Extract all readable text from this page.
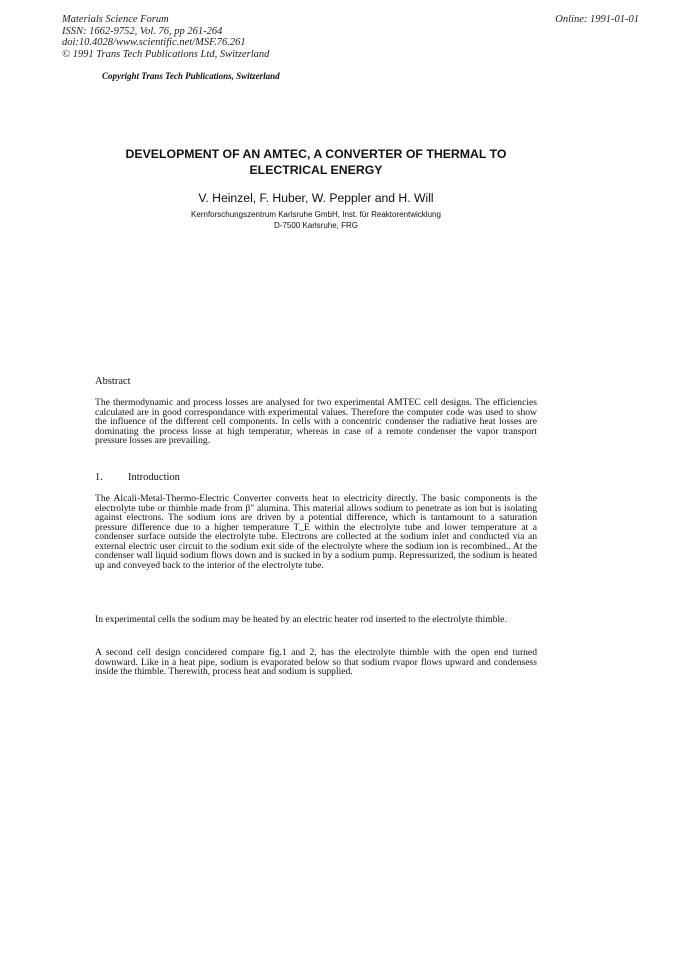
Materials Science Forum
ISSN: 1662-9752, Vol. 76, pp 261-264
doi:10.4028/www.scientific.net/MSF.76.261
© 1991 Trans Tech Publications Ltd, Switzerland
Online: 1991-01-01
Copyright Trans Tech Publications, Switzerland
DEVELOPMENT OF AN AMTEC, A CONVERTER OF THERMAL TO
ELECTRICAL ENERGY
V. Heinzel, F. Huber, W. Peppler and H. Will
Kernforschungszentrum Karlsruhe GmbH, Inst. für Reaktorentwicklung
D-7500 Karlsruhe, FRG
Abstract

The thermodynamic and process losses are analysed for two experimental AMTEC cell designs. The efficiencies calculated are in good correspondance with experimental values. Therefore the computer code was used to show the influence of the different cell components. In cells with a concentric condenser the radiative heat losses are dominating the process losse at high temperatur, whereas in case of a remote condenser the vapor transport pressure losses are prevailing.

1. Introduction

The Alcali-Metal-Thermo-Electric Converter converts heat to electricity directly. The basic components is the electrolyte tube or thimble made from β" alumina. This material allows sodium to penetrate as ion but is isolating against electrons. The sodium ions are driven by a potential difference, which is tantamount to a saturation pressure difference due to a higher temperature T_E within the electrolyte tube and lower temperature at a condenser surface outside the electrolyte tube. Electrons are collected at the sodium inlet and conducted via an external electric user circuit to the sodium exit side of the electrolyte where the sodium ion is recombined.. At the condenser wall liquid sodium flows down and is sucked in by a sodium pump. Repressurized, the sodium is heated up and conveyed back to the interior of the electrolyte tube.

In experimental cells the sodium may be heated by an electric heater rod inserted to the electrolyte thimble.

A second cell design concidered compare fig.1 and 2, has the electrolyte thimble with the open end turned downward. Like in a heat pipe, sodium is evaporated below so that sodium rvapor flows upward and condensess inside the thimble. Therewith, process heat and sodium is supplied.
